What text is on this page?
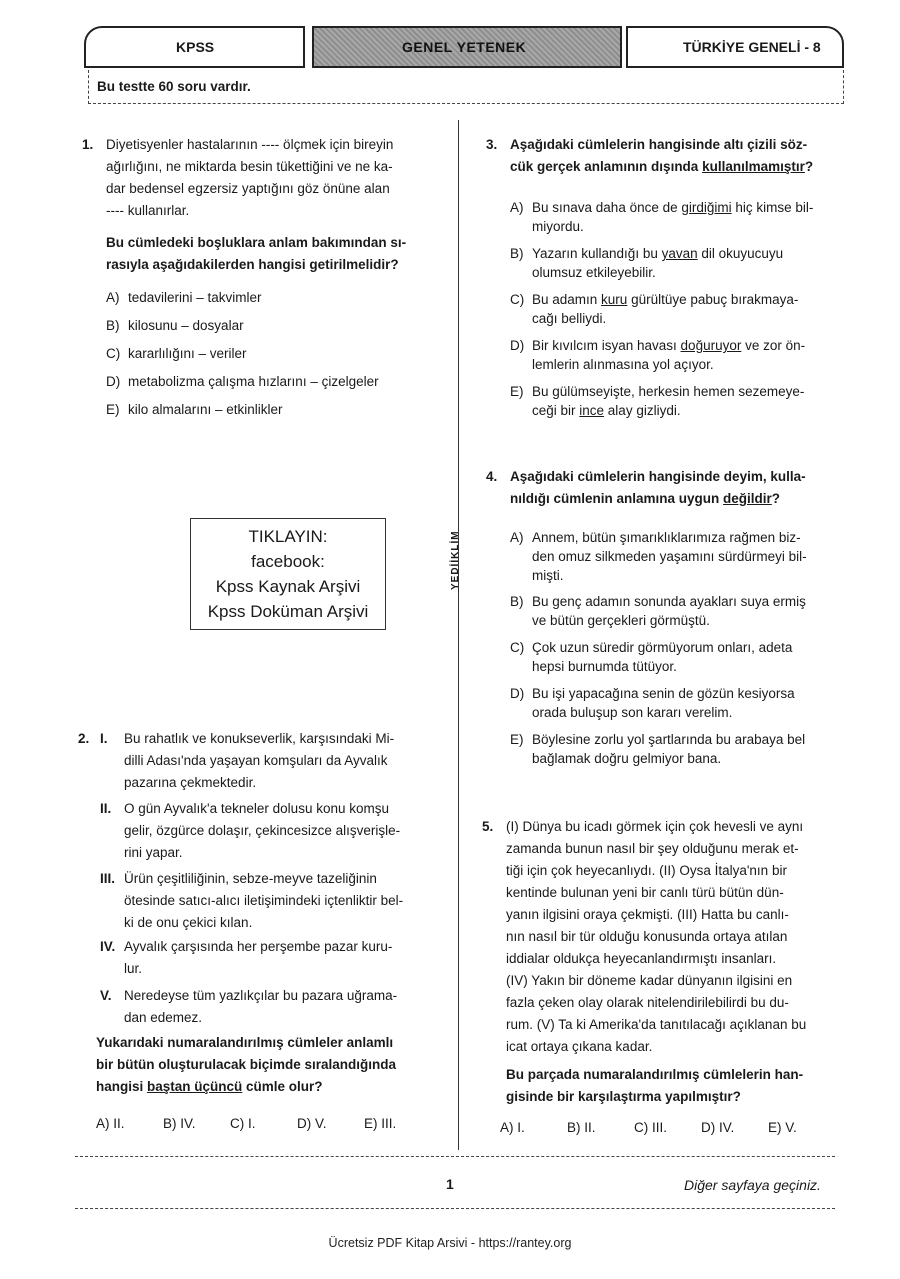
KPSS	GENEL YETENEK	TÜRKİYE GENELİ - 8
Bu testte 60 soru vardır.
YEDİİKLİM
1. Diyetisyenler hastalarının ---- ölçmek için bireyin
ağırlığını, ne miktarda besin tükettiğini ve ne ka-
dar bedensel egzersiz yaptığını göz önüne alan
---- kullanırlar.
Bu cümledeki boşluklara anlam bakımından sı-
rasıyla aşağıdakilerden hangisi getirilmelidir?
A) tedavilerini – takvimler
B) kilosunu – dosyalar
C) kararlılığını – veriler
D) metabolizma çalışma hızlarını – çizelgeler
E) kilo almalarını – etkinlikler
TIKLAYIN:
facebook:
Kpss Kaynak Arşivi
Kpss Doküman Arşivi
2. I. Bu rahatlık ve konukseverlik, karşısındaki Mi-
dilli Adası'nda yaşayan komşuları da Ayvalık
pazarına çekmektedir.
II. O gün Ayvalık'a tekneler dolusu konu komşu
gelir, özgürce dolaşır, çekincesizce alışverişle-
rini yapar.
III. Ürün çeşitliliğinin, sebze-meyve tazeliğinin
ötesinde satıcı-alıcı iletişimindeki içtenliktir bel-
ki de onu çekici kılan.
IV. Ayvalık çarşısında her perşembe pazar kuru-
lur.
V. Neredeyse tüm yazlıkçılar bu pazara uğrama-
dan edemez.
Yukarıdaki numaralandırılmış cümleler anlamlı
bir bütün oluşturulacak biçimde sıralandığında
hangisi baştan üçüncü cümle olur?
A) II.	B) IV.	C) I.	D) V.	E) III.
3. Aşağıdaki cümlelerin hangisinde altı çizili söz-
cük gerçek anlamının dışında kullanılmamıştır?
A) Bu sınava daha önce de girdiğimi hiç kimse bil-
miyordu.
B) Yazarın kullandığı bu yavan dil okuyucuyu
olumsuz etkileyebilir.
C) Bu adamın kuru gürültüye pabuç bırakmaya-
cağı belliydi.
D) Bir kıvılcım isyan havası doğuruyor ve zor ön-
lemlerin alınmasına yol açıyor.
E) Bu gülümseyişte, herkesin hemen sezemeye-
ceği bir ince alay gizliydi.
4. Aşağıdaki cümlelerin hangisinde deyim, kulla-
nıldığı cümlenin anlamına uygun değildir?
A) Annem, bütün şımarıklıklarımıza rağmen biz-
den omuz silkmeden yaşamını sürdürmeyi bil-
mişti.
B) Bu genç adamın sonunda ayakları suya ermiş
ve bütün gerçekleri görmüştü.
C) Çok uzun süredir görmüyorum onları, adeta
hepsi burnumda tütüyor.
D) Bu işi yapacağına senin de gözün kesiyorsa
orada buluşup son kararı verelim.
E) Böylesine zorlu yol şartlarında bu arabaya bel
bağlamak doğru gelmiyor bana.
5. (I) Dünya bu icadı görmek için çok hevesli ve aynı
zamanda bunun nasıl bir şey olduğunu merak et-
tiği için çok heyecanlıydı. (II) Oysa İtalya'nın bir
kentinde bulunan yeni bir canlı türü bütün dün-
yanın ilgisini oraya çekmişti. (III) Hatta bu canlı-
nın nasıl bir tür olduğu konusunda ortaya atılan
iddialar oldukça heyecanlandırmıştı insanları.
(IV) Yakın bir döneme kadar dünyanın ilgisini en
fazla çeken olay olarak nitelendirilebilirdi bu du-
rum. (V) Ta ki Amerika'da tanıtılacağı açıklanan bu
icat ortaya çıkana kadar.
Bu parçada numaralandırılmış cümlelerin han-
gisinde bir karşılaştırma yapılmıştır?
A) I.	B) II.	C) III.	D) IV. E) V.
1	Diğer sayfaya geçiniz.
Ücretsiz PDF Kitap Arsivi - https://rantey.org
